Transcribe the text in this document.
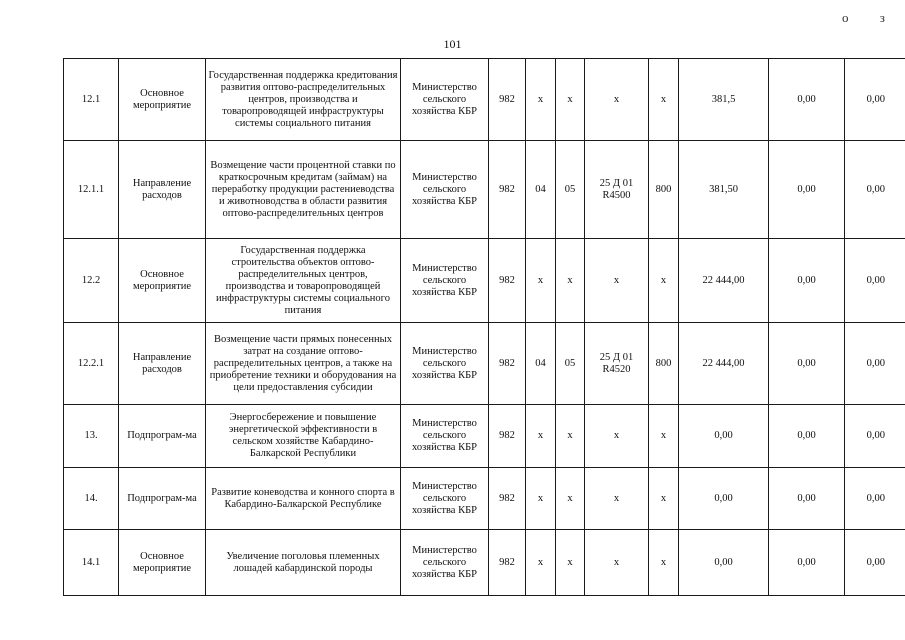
о з
101
12.1	Основное мероприятие	Государственная поддержка кредитования развития оптово-распределительных центров, производства и товаропроводящей инфраструктуры системы социального питания	Министерство сельского хозяйства КБР	982	x	x	x	x	381,5	0,00	0,00
12.1.1	Направление расходов	Возмещение части процентной ставки по краткосрочным кредитам (займам) на переработку продукции растениеводства и животноводства в области развития оптово-распределительных центров	Министерство сельского хозяйства КБР	982	04	05	25 Д 01 R4500	800	381,50	0,00	0,00
12.2	Основное мероприятие	Государственная поддержка строительства объектов оптово-распределительных центров, производства и товаропроводящей инфраструктуры системы социального питания	Министерство сельского хозяйства КБР	982	x	x	x	x	22 444,00	0,00	0,00
12.2.1	Направление расходов	Возмещение части прямых понесенных затрат на создание оптово-распределительных центров, а также на приобретение техники и оборудования на цели предоставления субсидии	Министерство сельского хозяйства КБР	982	04	05	25 Д 01 R4520	800	22 444,00	0,00	0,00
13.	Подпрограм-ма	Энергосбережение и повышение энергетической эффективности в сельском хозяйстве Кабардино-Балкарской Республики	Министерство сельского хозяйства КБР	982	x	x	x	x	0,00	0,00	0,00
14.	Подпрограм-ма	Развитие коневодства и конного спорта в Кабардино-Балкарской Республике	Министерство сельского хозяйства КБР	982	x	x	x	x	0,00	0,00	0,00
14.1	Основное мероприятие	Увеличение поголовья племенных лошадей кабардинской породы	Министерство сельского хозяйства КБР	982	x	x	x	x	0,00	0,00	0,00
